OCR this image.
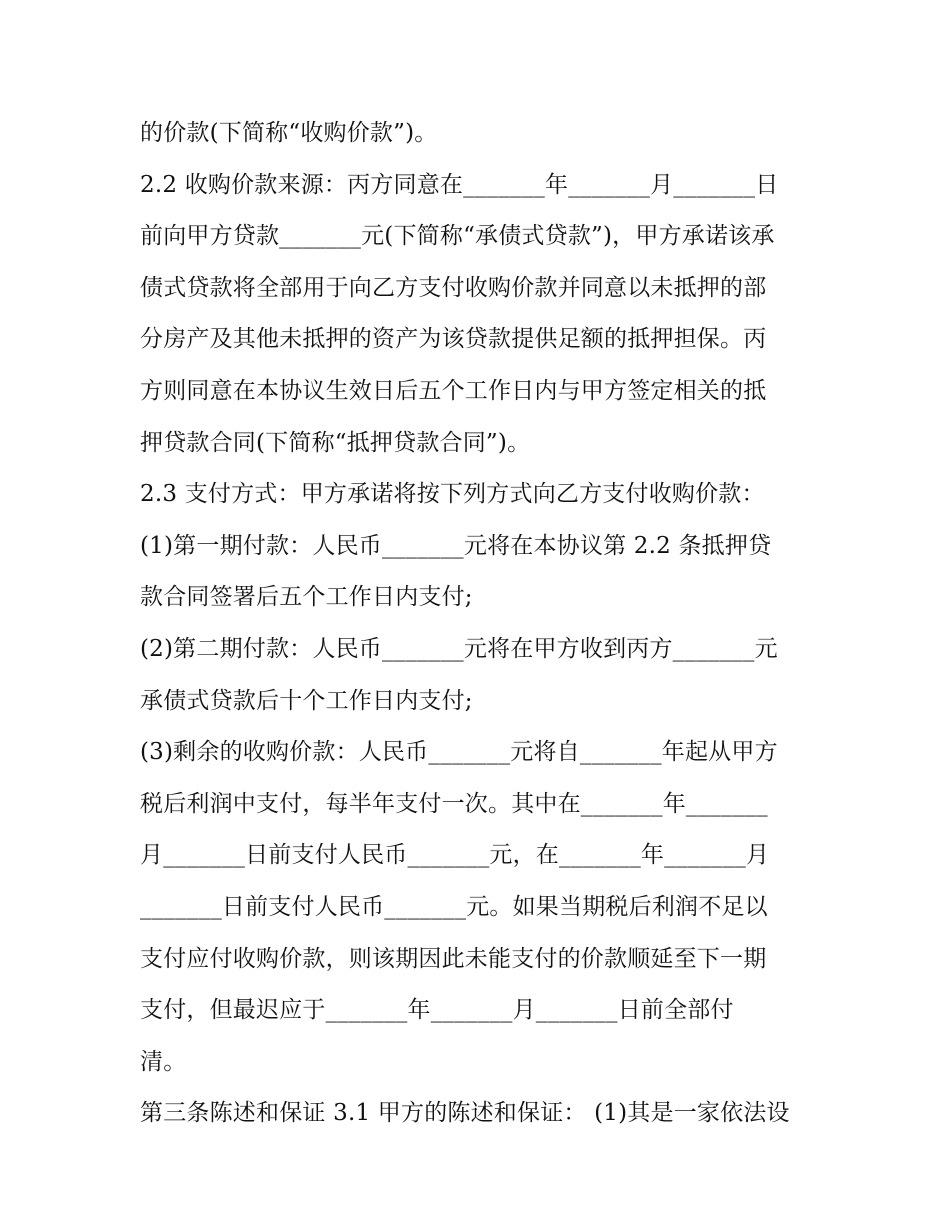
的价款(下简称“收购价款”)。
2.2 收购价款来源：丙方同意在_______年_______月_______日
前向甲方贷款_______元(下简称“承债式贷款”)，甲方承诺该承
债式贷款将全部用于向乙方支付收购价款并同意以未抵押的部
分房产及其他未抵押的资产为该贷款提供足额的抵押担保。丙
方则同意在本协议生效日后五个工作日内与甲方签定相关的抵
押贷款合同(下简称“抵押贷款合同”)。
2.3 支付方式：甲方承诺将按下列方式向乙方支付收购价款：
(1)第一期付款：人民币_______元将在本协议第 2.2 条抵押贷
款合同签署后五个工作日内支付;
(2)第二期付款：人民币_______元将在甲方收到丙方_______元
承债式贷款后十个工作日内支付;
(3)剩余的收购价款：人民币_______元将自_______年起从甲方
税后利润中支付，每半年支付一次。其中在_______年_______
月_______日前支付人民币_______元，在_______年_______月
_______日前支付人民币_______元。如果当期税后利润不足以
支付应付收购价款，则该期因此未能支付的价款顺延至下一期
支付，但最迟应于_______年_______月_______日前全部付
清。
第三条陈述和保证 3.1 甲方的陈述和保证： (1)其是一家依法设
